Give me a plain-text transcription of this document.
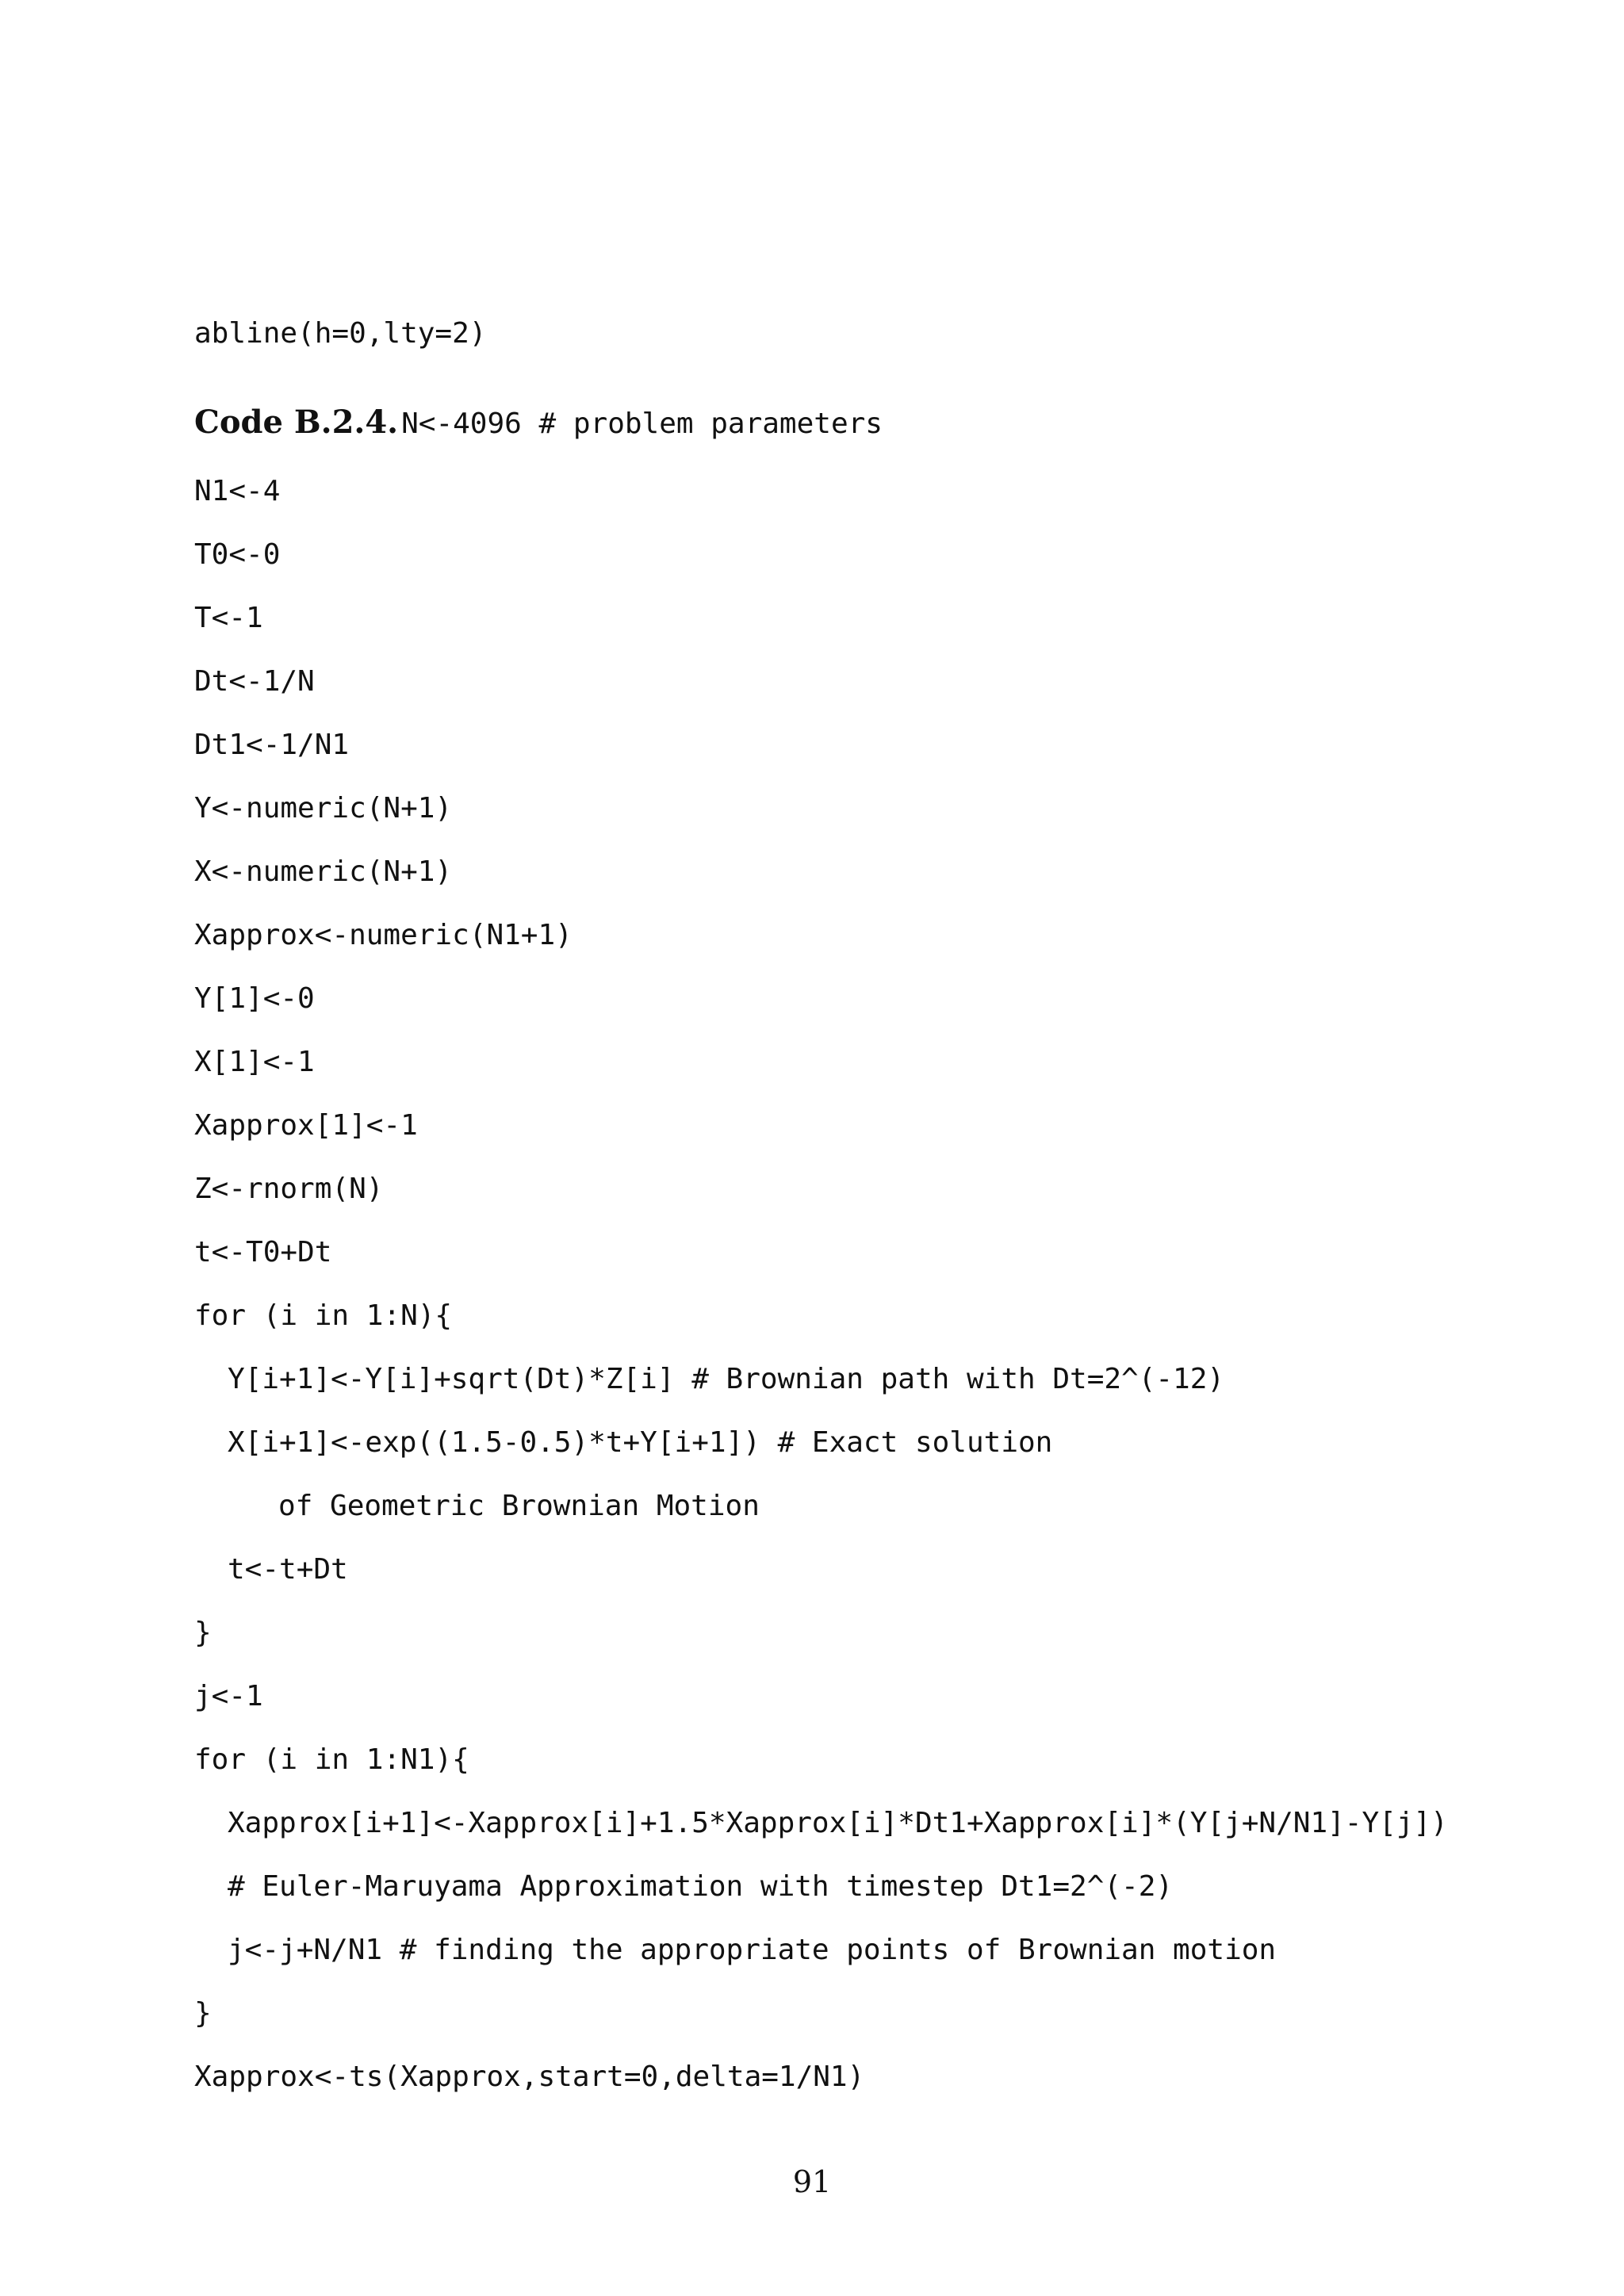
abline(h=0,lty=2)

Code B.2.4. N<-4096 # problem parameters

N1<-4

T0<-0

T<-1

Dt<-1/N

Dt1<-1/N1

Y<-numeric(N+1)

X<-numeric(N+1)

Xapprox<-numeric(N1+1)

Y[1]<-0

X[1]<-1

Xapprox[1]<-1

Z<-rnorm(N)

t<-T0+Dt

for (i in 1:N){

Y[i+1]<-Y[i]+sqrt(Dt)*Z[i] # Brownian path with Dt=2^(-12)

X[i+1]<-exp((1.5-0.5)*t+Y[i+1]) # Exact solution

of Geometric Brownian Motion

t<-t+Dt

}

j<-1

for (i in 1:N1){

Xapprox[i+1]<-Xapprox[i]+1.5*Xapprox[i]*Dt1+Xapprox[i]*(Y[j+N/N1]-Y[j])

# Euler-Maruyama Approximation with timestep Dt1=2^(-2)

j<-j+N/N1 # finding the appropriate points of Brownian motion

}

Xapprox<-ts(Xapprox,start=0,delta=1/N1)

91
